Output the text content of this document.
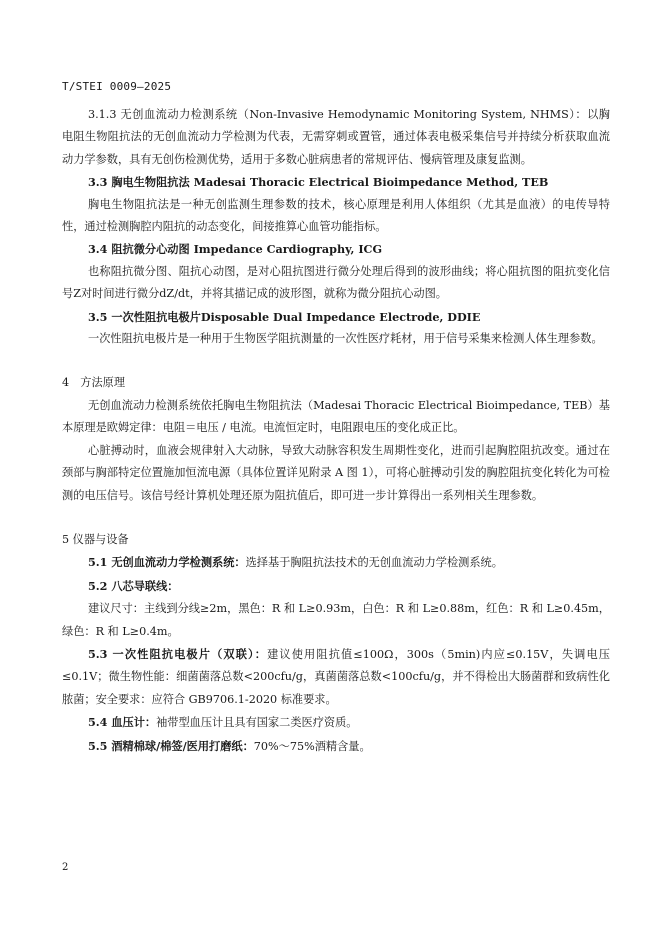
T/STEI 0009—2025

3.1.3 无创血流动力检测系统（Non-Invasive Hemodynamic Monitoring System, NHMS）：以胸电阻生物阻抗法的无创血流动力学检测为代表，无需穿刺或置管，通过体表电极采集信号并持续分析获取血流动力学参数，具有无创伤检测优势，适用于多数心脏病患者的常规评估、慢病管理及康复监测。

3.3 胸电生物阻抗法 Madesai Thoracic Electrical Bioimpedance Method, TEB

胸电生物阻抗法是一种无创监测生理参数的技术，核心原理是利用人体组织（尤其是血液）的电传导特性，通过检测胸腔内阻抗的动态变化，间接推算心血管功能指标。

3.4 阻抗微分心动图 Impedance Cardiography, ICG

也称阻抗微分图、阻抗心动图，是对心阻抗图进行微分处理后得到的波形曲线；将心阻抗图的阻抗变化信号Z对时间进行微分dZ/dt，并将其描记成的波形图，就称为微分阻抗心动图。

3.5 一次性阻抗电极片Disposable Dual Impedance Electrode, DDIE

一次性阻抗电极片是一种用于生物医学阻抗测量的一次性医疗耗材，用于信号采集来检测人体生理参数。

4　方法原理

无创血流动力检测系统依托胸电生物阻抗法（Madesai Thoracic Electrical Bioimpedance, TEB）基本原理是欧姆定律：电阻＝电压 / 电流。电流恒定时，电阻跟电压的变化成正比。

心脏搏动时，血液会规律射入大动脉，导致大动脉容积发生周期性变化，进而引起胸腔阻抗改变。通过在颈部与胸部特定位置施加恒流电源（具体位置详见附录 A 图 1），可将心脏搏动引发的胸腔阻抗变化转化为可检测的电压信号。该信号经计算机处理还原为阻抗值后，即可进一步计算得出一系列相关生理参数。

5 仪器与设备

5.1 无创血流动力学检测系统：选择基于胸阻抗法技术的无创血流动力学检测系统。

5.2 八芯导联线：

建议尺寸：主线到分线≥2m，黑色：R 和 L≥0.93m，白色：R 和 L≥0.88m，红色：R 和 L≥0.45m，绿色：R 和 L≥0.4m。

5.3 一次性阻抗电极片（双联）：建议使用阻抗值≤100Ω，300s（5min)内应≤0.15V，失调电压≤0.1V；微生物性能：细菌菌落总数<200cfu/g，真菌菌落总数<100cfu/g，并不得检出大肠菌群和致病性化脓菌；安全要求：应符合 GB9706.1-2020 标准要求。

5.4 血压计：袖带型血压计且具有国家二类医疗资质。

5.5 酒精棉球/棉签/医用打磨纸：70%～75%酒精含量。

2
